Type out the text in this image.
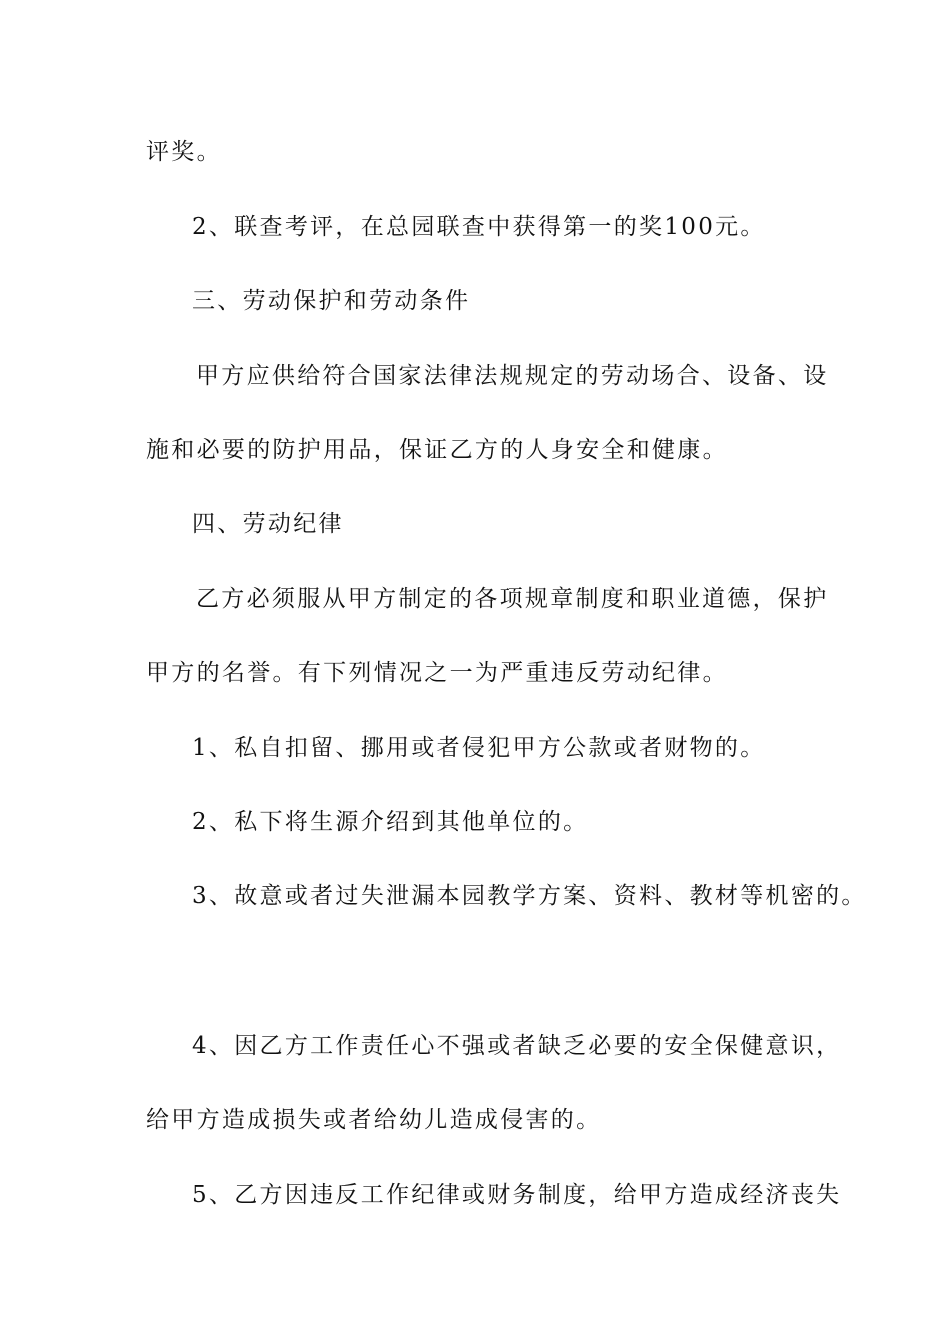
评奖。
2、联查考评，在总园联查中获得第一的奖100元。
三、劳动保护和劳动条件
甲方应供给符合国家法律法规规定的劳动场合、设备、设
施和必要的防护用品，保证乙方的人身安全和健康。
四、劳动纪律
乙方必须服从甲方制定的各项规章制度和职业道德，保护
甲方的名誉。有下列情况之一为严重违反劳动纪律。
1、私自扣留、挪用或者侵犯甲方公款或者财物的。
2、私下将生源介绍到其他单位的。
3、故意或者过失泄漏本园教学方案、资料、教材等机密的。
4、因乙方工作责任心不强或者缺乏必要的安全保健意识，
给甲方造成损失或者给幼儿造成侵害的。
5、乙方因违反工作纪律或财务制度，给甲方造成经济丧失
